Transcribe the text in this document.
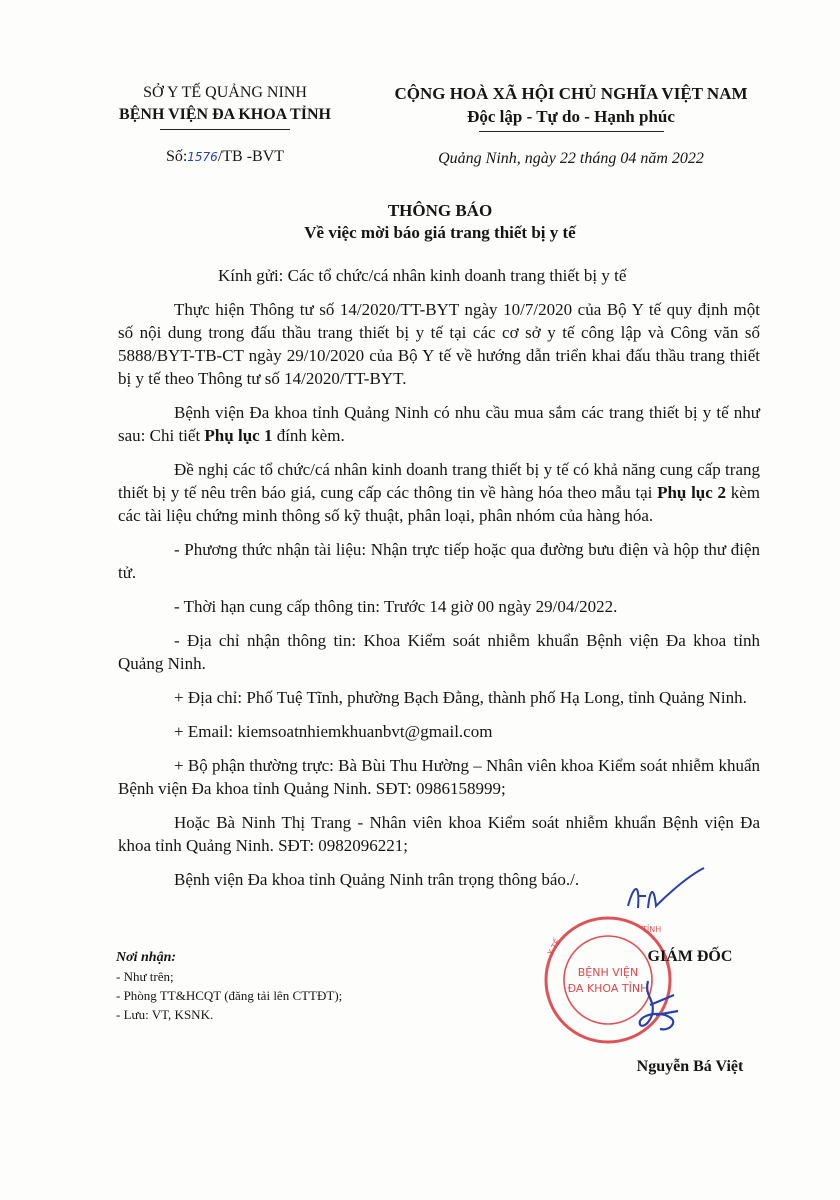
SỞ Y TẾ QUẢNG NINH
BỆNH VIỆN ĐA KHOA TỈNH
Số:1576/TB -BVT
CỘNG HOÀ XÃ HỘI CHỦ NGHĨA VIỆT NAM
Độc lập - Tự do - Hạnh phúc
Quảng Ninh, ngày 22 tháng 04 năm 2022
THÔNG BÁO
Về việc mời báo giá trang thiết bị y tế

Kính gửi: Các tổ chức/cá nhân kinh doanh trang thiết bị y tế

Thực hiện Thông tư số 14/2020/TT-BYT ngày 10/7/2020 của Bộ Y tế quy định một số nội dung trong đấu thầu trang thiết bị y tế tại các cơ sở y tế công lập và Công văn số 5888/BYT-TB-CT ngày 29/10/2020 của Bộ Y tế về hướng dẫn triển khai đấu thầu trang thiết bị y tế theo Thông tư số 14/2020/TT-BYT.

Bệnh viện Đa khoa tỉnh Quảng Ninh có nhu cầu mua sắm các trang thiết bị y tế như sau: Chi tiết Phụ lục 1 đính kèm.

Đề nghị các tổ chức/cá nhân kinh doanh trang thiết bị y tế có khả năng cung cấp trang thiết bị y tế nêu trên báo giá, cung cấp các thông tin về hàng hóa theo mẫu tại Phụ lục 2 kèm các tài liệu chứng minh thông số kỹ thuật, phân loại, phân nhóm của hàng hóa.

- Phương thức nhận tài liệu: Nhận trực tiếp hoặc qua đường bưu điện và hộp thư điện tử.

- Thời hạn cung cấp thông tin: Trước 14 giờ 00 ngày 29/04/2022.

- Địa chỉ nhận thông tin: Khoa Kiểm soát nhiễm khuẩn Bệnh viện Đa khoa tỉnh Quảng Ninh.

+ Địa chỉ: Phố Tuệ Tĩnh, phường Bạch Đằng, thành phố Hạ Long, tỉnh Quảng Ninh.

+ Email: kiemsoatnhiemkhuanbvt@gmail.com

+ Bộ phận thường trực: Bà Bùi Thu Hường – Nhân viên khoa Kiểm soát nhiễm khuẩn Bệnh viện Đa khoa tỉnh Quảng Ninh. SĐT: 0986158999;

Hoặc Bà Ninh Thị Trang - Nhân viên khoa Kiểm soát nhiễm khuẩn Bệnh viện Đa khoa tỉnh Quảng Ninh. SĐT: 0982096221;

Bệnh viện Đa khoa tỉnh Quảng Ninh trân trọng thông báo./.

Nơi nhận:
- Như trên;
- Phòng TT&HCQT (đăng tải lên CTTĐT);
- Lưu: VT, KSNK.
BỆNH VIỆN
ĐA KHOA TỈNH
Y TẾ
TỈNH
GIÁM ĐỐC
Nguyễn Bá Việt
